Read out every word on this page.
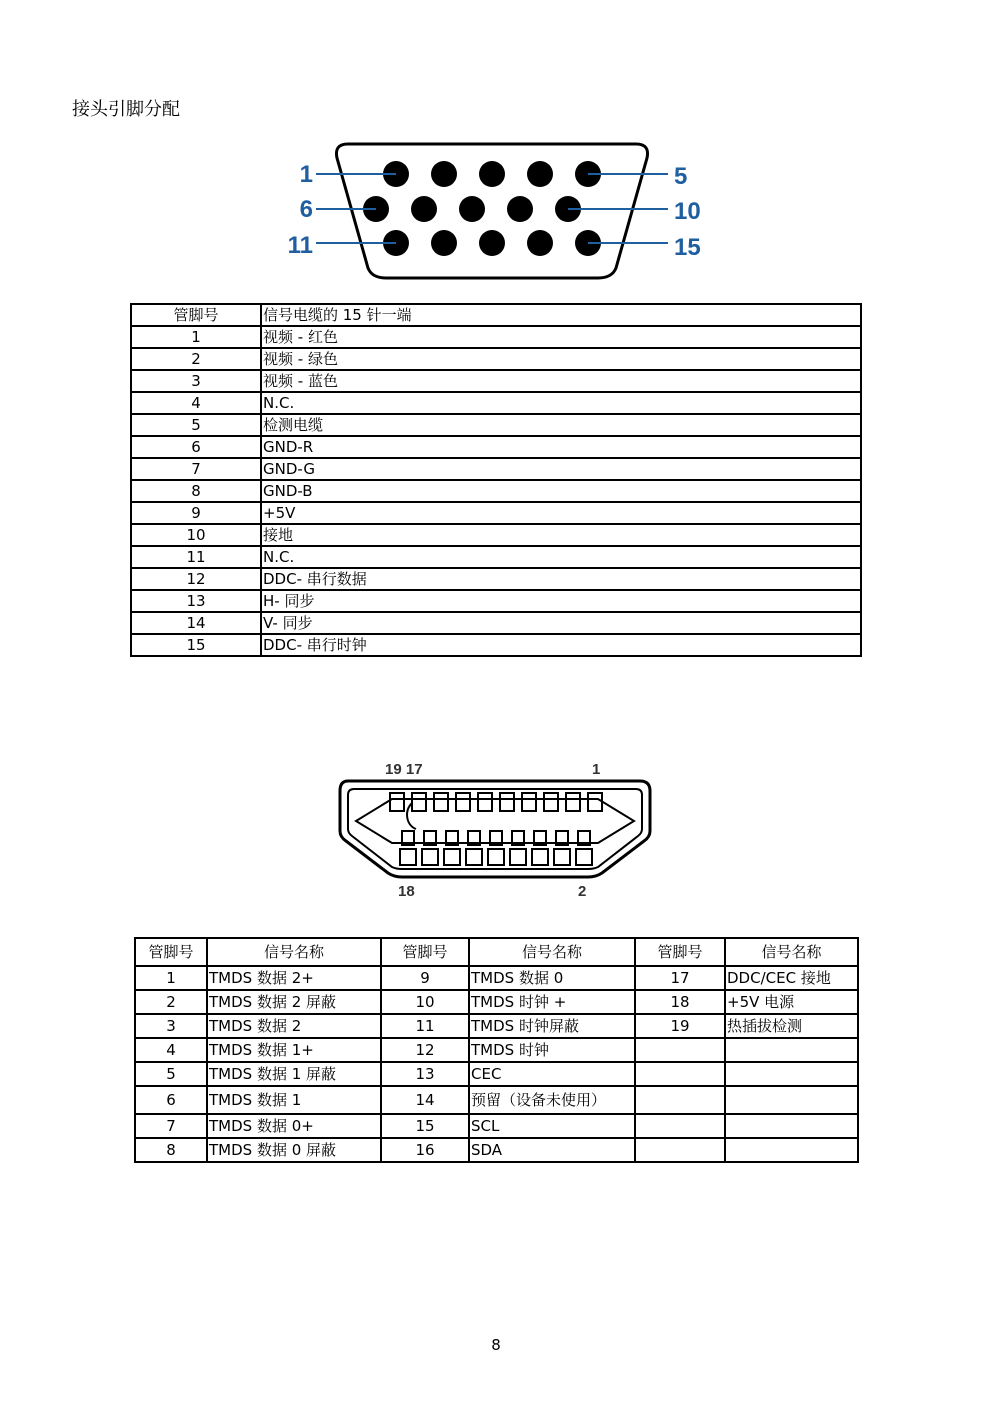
接头引脚分配
1	5
6	10
11	15
管脚号	信号电缆的 15 针一端
1	视频 - 红色
2	视频 - 绿色
3	视频 - 蓝色
4	N.C.
5	检测电缆
6	GND-R
7	GND-G
8	GND-B
9	+5V
10	接地
11	N.C.
12	DDC- 串行数据
13	H- 同步
14	V- 同步
15	DDC- 串行时钟
19 17	1
18	2
管脚号	信号名称	管脚号	信号名称	管脚号	信号名称
1	TMDS 数据 2+	9	TMDS 数据 0	17	DDC/CEC 接地
2	TMDS 数据 2 屏蔽	10	TMDS 时钟 +	18	+5V 电源
3	TMDS 数据 2	11	TMDS 时钟屏蔽	19	热插拔检测
4	TMDS 数据 1+	12	TMDS 时钟		
5	TMDS 数据 1 屏蔽	13	CEC		
6	TMDS 数据 1	14	预留（设备未使用）		
7	TMDS 数据 0+	15	SCL		
8	TMDS 数据 0 屏蔽	16	SDA		
8
